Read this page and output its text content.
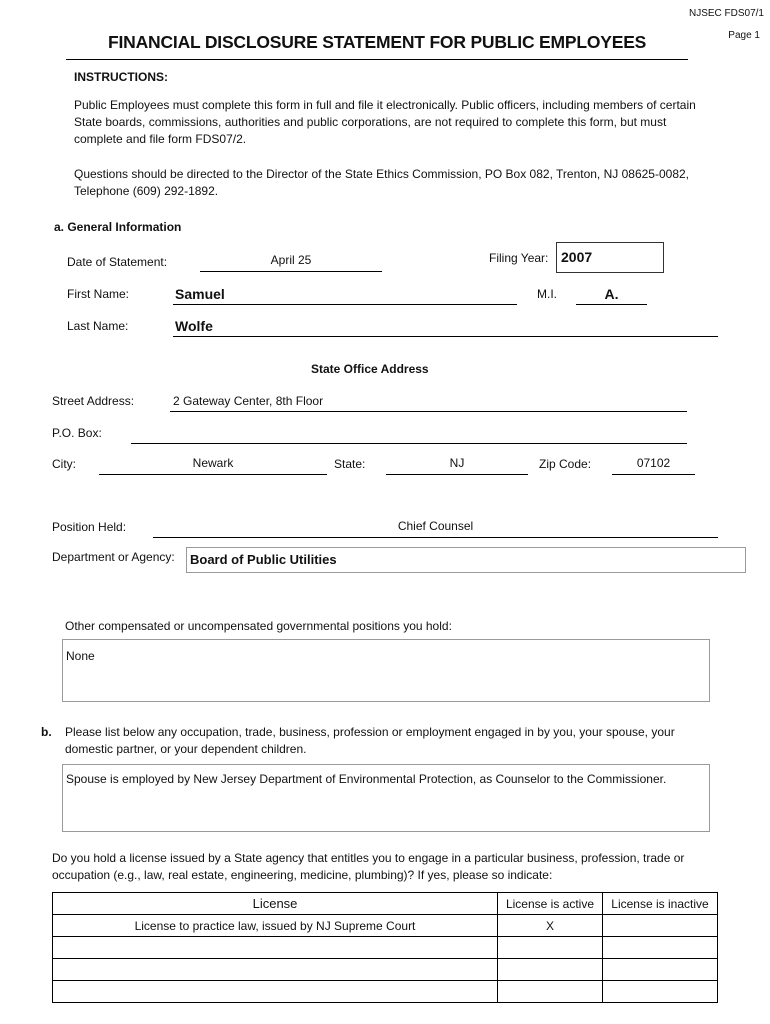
NJSEC FDS07/1
Page 1
FINANCIAL DISCLOSURE STATEMENT FOR PUBLIC EMPLOYEES
INSTRUCTIONS:
Public Employees must complete this form in full and file it electronically. Public officers, including members of certain State boards, commissions, authorities and public corporations, are not required to complete this form, but must complete and file form FDS07/2.
Questions should be directed to the Director of the State Ethics Commission, PO Box 082, Trenton, NJ 08625-0082, Telephone (609) 292-1892.
a. General Information
Date of Statement:	April 25	Filing Year: 2007
First Name:	Samuel	M.I.	A.
Last Name:	Wolfe
State Office Address
Street Address:	2 Gateway Center, 8th Floor
P.O. Box:
City:	Newark	State:	NJ	Zip Code:	07102
Position Held:	Chief Counsel
Department or Agency: Board of Public Utilities
Other compensated or uncompensated governmental positions you hold:
None
b. Please list below any occupation, trade, business, profession or employment engaged in by you, your spouse, your domestic partner, or your dependent children.
Spouse is employed by New Jersey Department of Environmental Protection, as Counselor to the Commissioner.
Do you hold a license issued by a State agency that entitles you to engage in a particular business, profession, trade or occupation (e.g., law, real estate, engineering, medicine, plumbing)? If yes, please so indicate:
License	License is active	License is inactive
License to practice law, issued by NJ Supreme Court	X	
